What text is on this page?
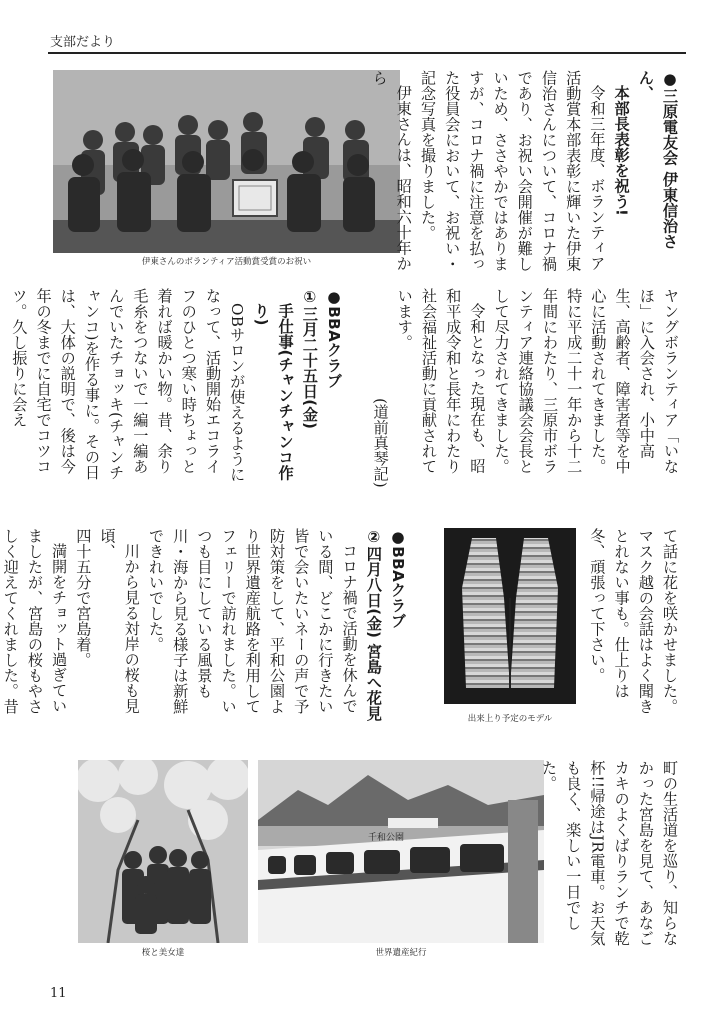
支部だより
伊東さんのボランティア活動賞受賞のお祝い

●三原電友会 伊東信治さん、

本部長表彰を祝う!

令和三年度、ボランティア活動賞本部表彰に輝いた伊東信治さんについて、コロナ禍であり、お祝い会開催が難しいため、ささやかではありますが、コロナ禍に注意を払った役員会において、お祝い・記念写真を撮りました。

伊東さんは、昭和六十年から

ヤングボランティア「いなほ」に入会され、小中高生、高齢者、障害者等を中心に活動されてきました。特に平成二十一年から十二年間にわたり、三原市ボランティア連絡協議会会長として尽力されてきました。

令和となった現在も、昭和平成令和と長年にわたり社会福祉活動に貢献されています。

(道前真琴記)

●BBAクラブ

①三月二十五日(金)

手仕事(チャンチャンコ作り)

OBサロンが使えるようになって、活動開始エコライフのひとつ寒い時ちょっと着れば暖かい物。昔、余り毛糸をつないで一編一編あんでいたチョッキ(チャンチャンコ)を作る事に。その日は、大体の説明で、後は今年の冬までに自宅でコツコツ。久し振りに会え

て話に花を咲かせました。マスク越の会話はよく聞きとれない事も。仕上りは冬、頑張って下さい。

出来上り予定のモデル

●BBAクラブ

②四月八日(金) 宮島へ花見

コロナ禍で活動を休んでいる間、どこかに行きたい皆で会いたいネーの声で予防対策をして、平和公園より世界遺産航路を利用してフェリーで訪れました。いつも目にしている風景も川・海から見る様子は新鮮できれいでした。

川から見る対岸の桜も見頃、

四十五分で宮島着。

満開をチョット過ぎていましたが、宮島の桜もやさしく迎えてくれました。昔

桜と美女達
千和公園
世界遺産紀行

町の生活道を巡り、知らなかった宮島を見て、あなごカキのよくばりランチで乾杯!!帰途はJR電車。お天気も良く、楽しい一日でした。

11
